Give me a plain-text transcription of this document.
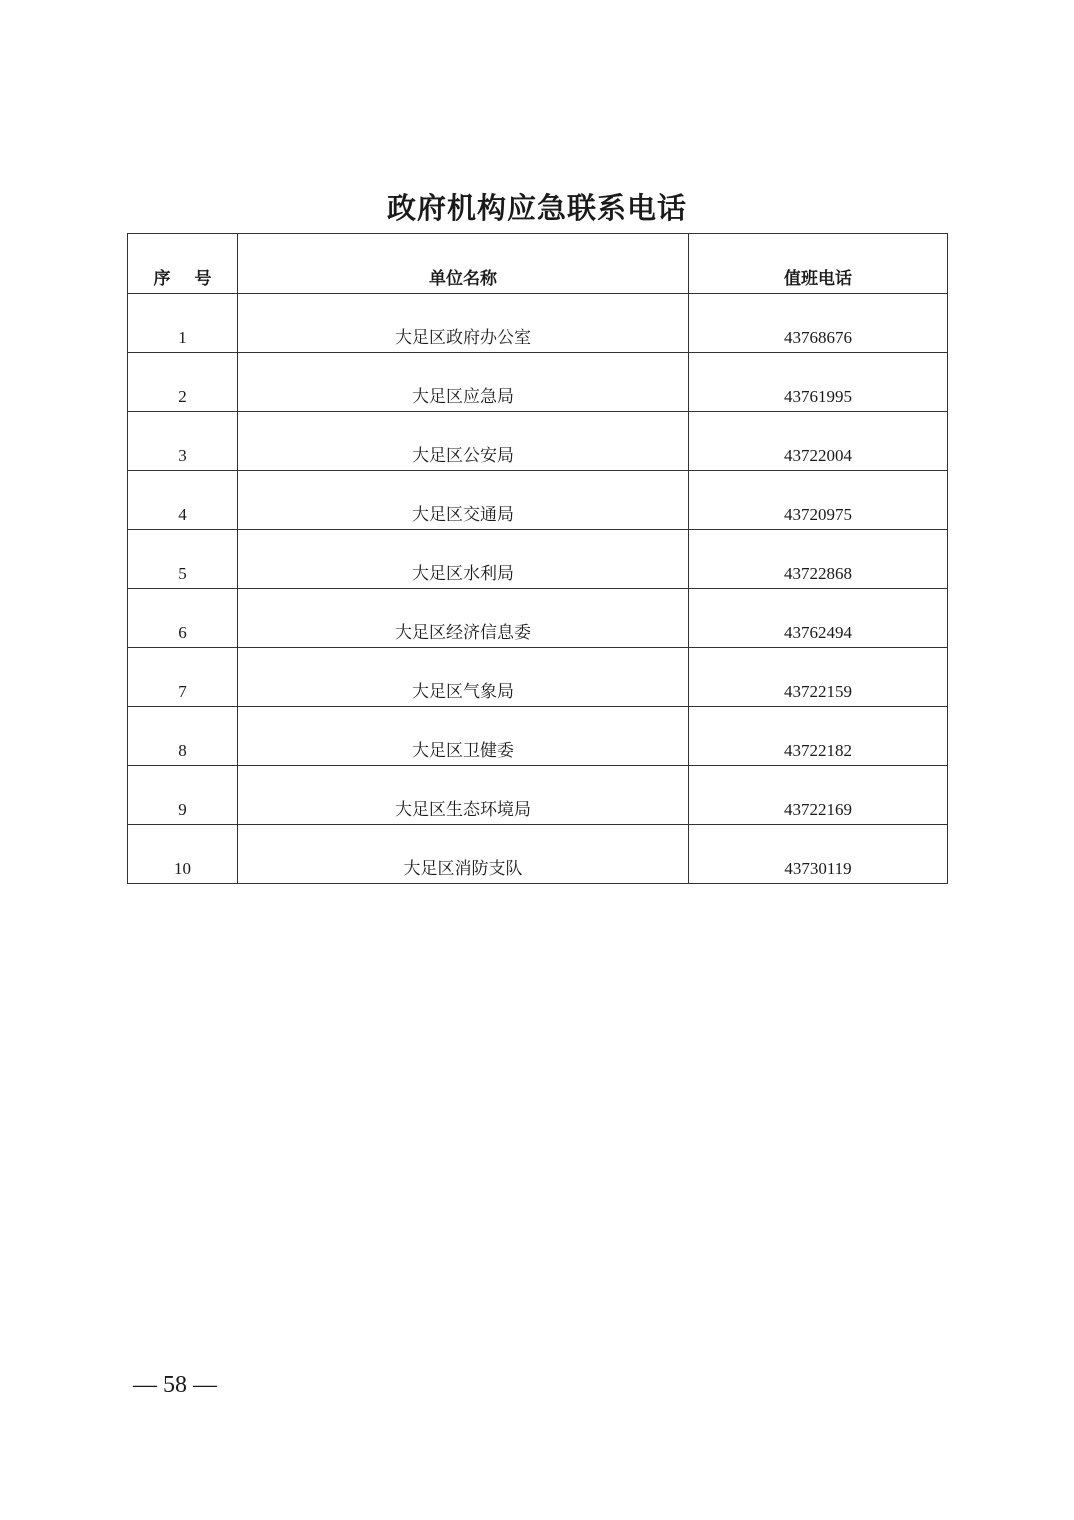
政府机构应急联系电话
序号	单位名称	值班电话
1	大足区政府办公室	43768676
2	大足区应急局	43761995
3	大足区公安局	43722004
4	大足区交通局	43720975
5	大足区水利局	43722868
6	大足区经济信息委	43762494
7	大足区气象局	43722159
8	大足区卫健委	43722182
9	大足区生态环境局	43722169
10	大足区消防支队	43730119
— 58 —
